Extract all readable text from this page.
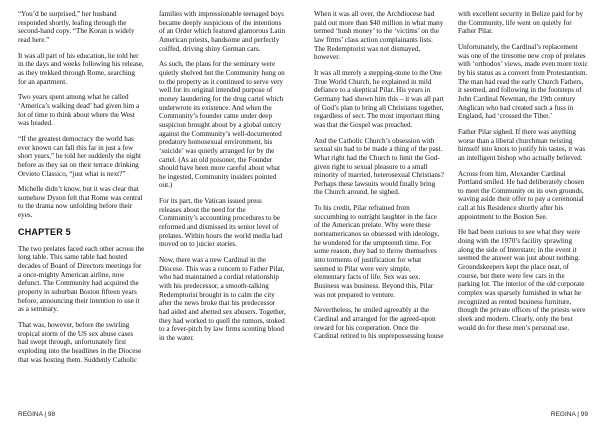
“You’d be surprised,” her husband responded shortly, leafing through the second-hand copy. “The Koran is widely read here.”

It was all part of his education, he told her in the days and weeks following his release, as they trekked through Rome, searching for an apartment.

Two years spent among what he called ‘America’s walking dead’ had given him a lot of time to think about where the West was headed.

“If the greatest democracy the world has ever known can fall this far in just a few short years,” he told her suddenly the night before as they sat on their terrace drinking Orvieto Classico, “just what is next?”

Michelle didn’t know, but it was clear that somehow Dyson felt that Rome was central to the drama now unfolding before their eyes.

CHAPTER 5

The two prelates faced each other across the long table. This same table had hosted decades of Board of Directors meetings for a once-mighty American airline, now defunct. The Community had acquired the property in suburban Boston fifteen years before, announcing their intention to use it as a seminary.

That was, however, before the swirling tropical storm of the US sex abuse cases had swept through, unfortunately first exploding into the headlines in the Diocese that was hosting them. Suddenly Catholic

families with impressionable teenaged boys became deeply suspicious of the intentions of an Order which featured glamorous Latin American priests, handsome and perfectly coiffed, driving shiny German cars.

As such, the plans for the seminary were quietly shelved but the Community hung on to the property as it continued to serve very well for its original intended purpose of money laundering for the drug cartel which underwrote its existence. And when the Community’s founder came under deep suspicion brought about by a global outcry against the Community’s well-documented predatory homosexual environment, his ‘suicide’ was quietly arranged for by the cartel. (As an old poisoner, the Founder should have been more careful about what he ingested, Community insiders pointed out.)

For its part, the Vatican issued press releases about the need for the Community’s accounting procedures to be reformed and dismissed its senior level of prelates. Within hours the world media had moved on to juicier stories.

Now, there was a new Cardinal in the Diocese. This was a concern to Father Pilar, who had maintained a cordial relationship with his predecessor, a smooth-talking Redemptorist brought in to calm the city after the news broke that his predecessor had aided and abetted sex abusers. Together, they had worked to quell the rumors, stoked to a fever-pitch by law firms scenting blood in the water.

REGINA | 98

When it was all over, the Archdiocese had paid out more than $40 million in what many termed ‘hush money’ to the ‘victims’ on the law firms’ class action complainants lists. The Redemptorist was not dismayed, however.

It was all merely a stepping-stone to the One True World Church, he explained in mild defiance to a skeptical Pilar. His years in Germany had shown him this – it was all part of God’s plan to bring all Christians together, regardless of sect. The most important thing was that the Gospel was preached.

And the Catholic Church’s obsession with sexual sin had to be made a thing of the past. What right had the Church to limit the God-given right to sexual pleasure to a small minority of married, heterosexual Christians? Perhaps these lawsuits would finally bring the Church around, he sighed.

To his credit, Pilar refrained from succumbing to outright laughter in the face of the American prelate. Why were these norteamericanos so obsessed with ideology, he wondered for the umpteenth time. For some reason, they had to throw themselves into torments of justification for what seemed to Pilar were very simple, elementary facts of life. Sex was sex. Business was business. Beyond this, Pilar was not prepared to venture.

Nevertheless, he smiled agreeably at the Cardinal and arranged for the agreed-upon reward for his cooperation. Once the Cardinal retired to his unprepossessing house

with excellent security in Belize paid for by the Community, life went on quietly for Father Pilar.

Unfortunately, the Cardinal’s replacement was one of the tiresome new crop of prelates with ‘orthodox’ views, made even more toxic by his status as a convert from Protestantism. The man had read the early Church Fathers, it seemed, and following in the footsteps of John Cardinal Newman, the 19th century Anglican who had created such a fuss in England, had ‘crossed the Tiber.’

Father Pilar sighed. If there was anything worse than a liberal churchman twisting himself into knots to justify his tastes, it was an intelligent bishop who actually believed.

Across from him, Alexander Cardinal Portland smiled. He had deliberately chosen to meet the Community on its own grounds, waving aside their offer to pay a ceremonial call at his Residence shortly after his appointment to the Boston See.

He had been curious to see what they were doing with the 1970’s facility sprawling along the side of Interstate; in the event it seemed the answer was just about nothing. Groundskeepers kept the place neat, of course, but there were few cars in the parking lot. The interior of the old corporate complex was sparsely furnished in what he recognized as rented business furniture, though the private offices of the priests were sleek and modern. Clearly, only the best would do for these men’s personal use.

REGINA | 99
